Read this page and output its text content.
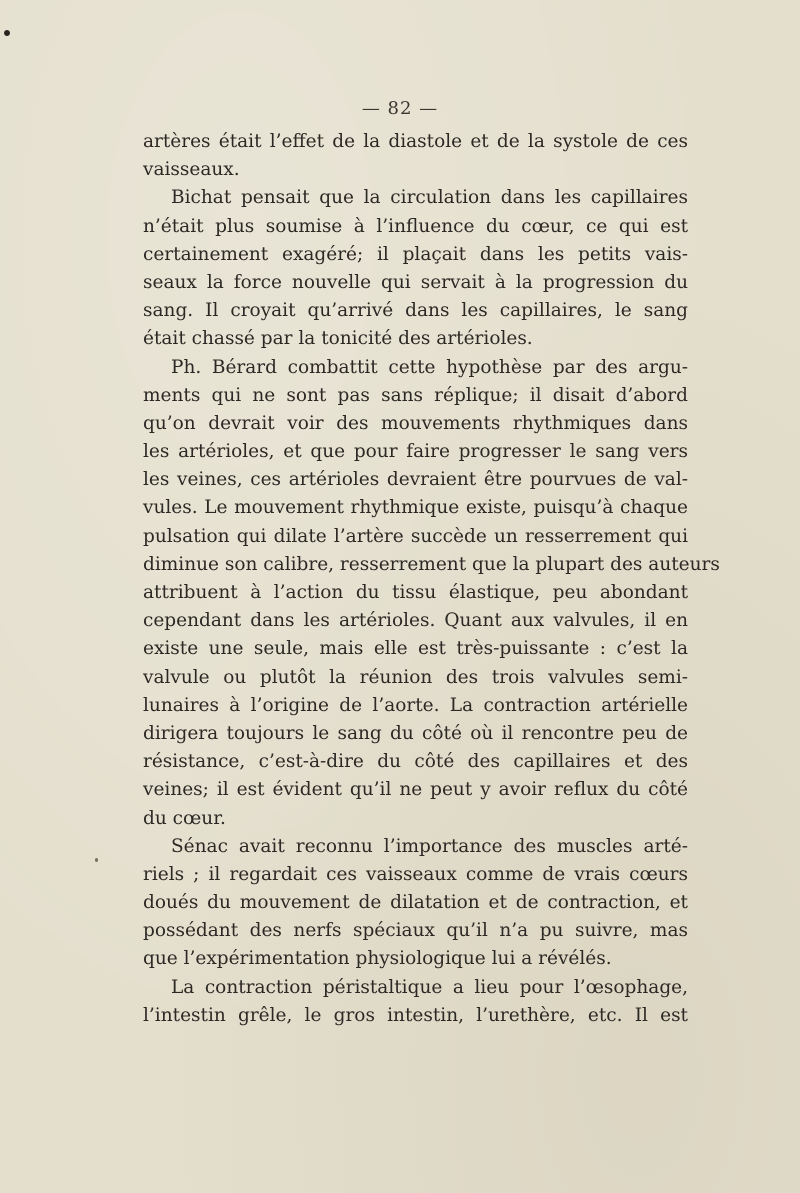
— 82 —
artères était l’effet de la diastole et de la systole de ces
vaisseaux.
Bichat pensait que la circulation dans les capillaires
n’était plus soumise à l’influence du cœur, ce qui est
certainement exagéré; il plaçait dans les petits vais-
seaux la force nouvelle qui servait à la progression du
sang. Il croyait qu’arrivé dans les capillaires, le sang
était chassé par la tonicité des artérioles.
Ph. Bérard combattit cette hypothèse par des argu-
ments qui ne sont pas sans réplique; il disait d’abord
qu’on devrait voir des mouvements rhythmiques dans
les artérioles, et que pour faire progresser le sang vers
les veines, ces artérioles devraient être pourvues de val-
vules. Le mouvement rhythmique existe, puisqu’à chaque
pulsation qui dilate l’artère succède un resserrement qui
diminue son calibre, resserrement que la plupart des auteurs
attribuent à l’action du tissu élastique, peu abondant
cependant dans les artérioles. Quant aux valvules, il en
existe une seule, mais elle est très-puissante : c’est la
valvule ou plutôt la réunion des trois valvules semi-
lunaires à l’origine de l’aorte. La contraction artérielle
dirigera toujours le sang du côté où il rencontre peu de
résistance, c’est-à-dire du côté des capillaires et des
veines; il est évident qu’il ne peut y avoir reflux du côté
du cœur.
Sénac avait reconnu l’importance des muscles arté-
riels ; il regardait ces vaisseaux comme de vrais cœurs
doués du mouvement de dilatation et de contraction, et
possédant des nerfs spéciaux qu’il n’a pu suivre, mas
que l’expérimentation physiologique lui a révélés.
La contraction péristaltique a lieu pour l’œsophage,
l’intestin grêle, le gros intestin, l’urethère, etc. Il est
